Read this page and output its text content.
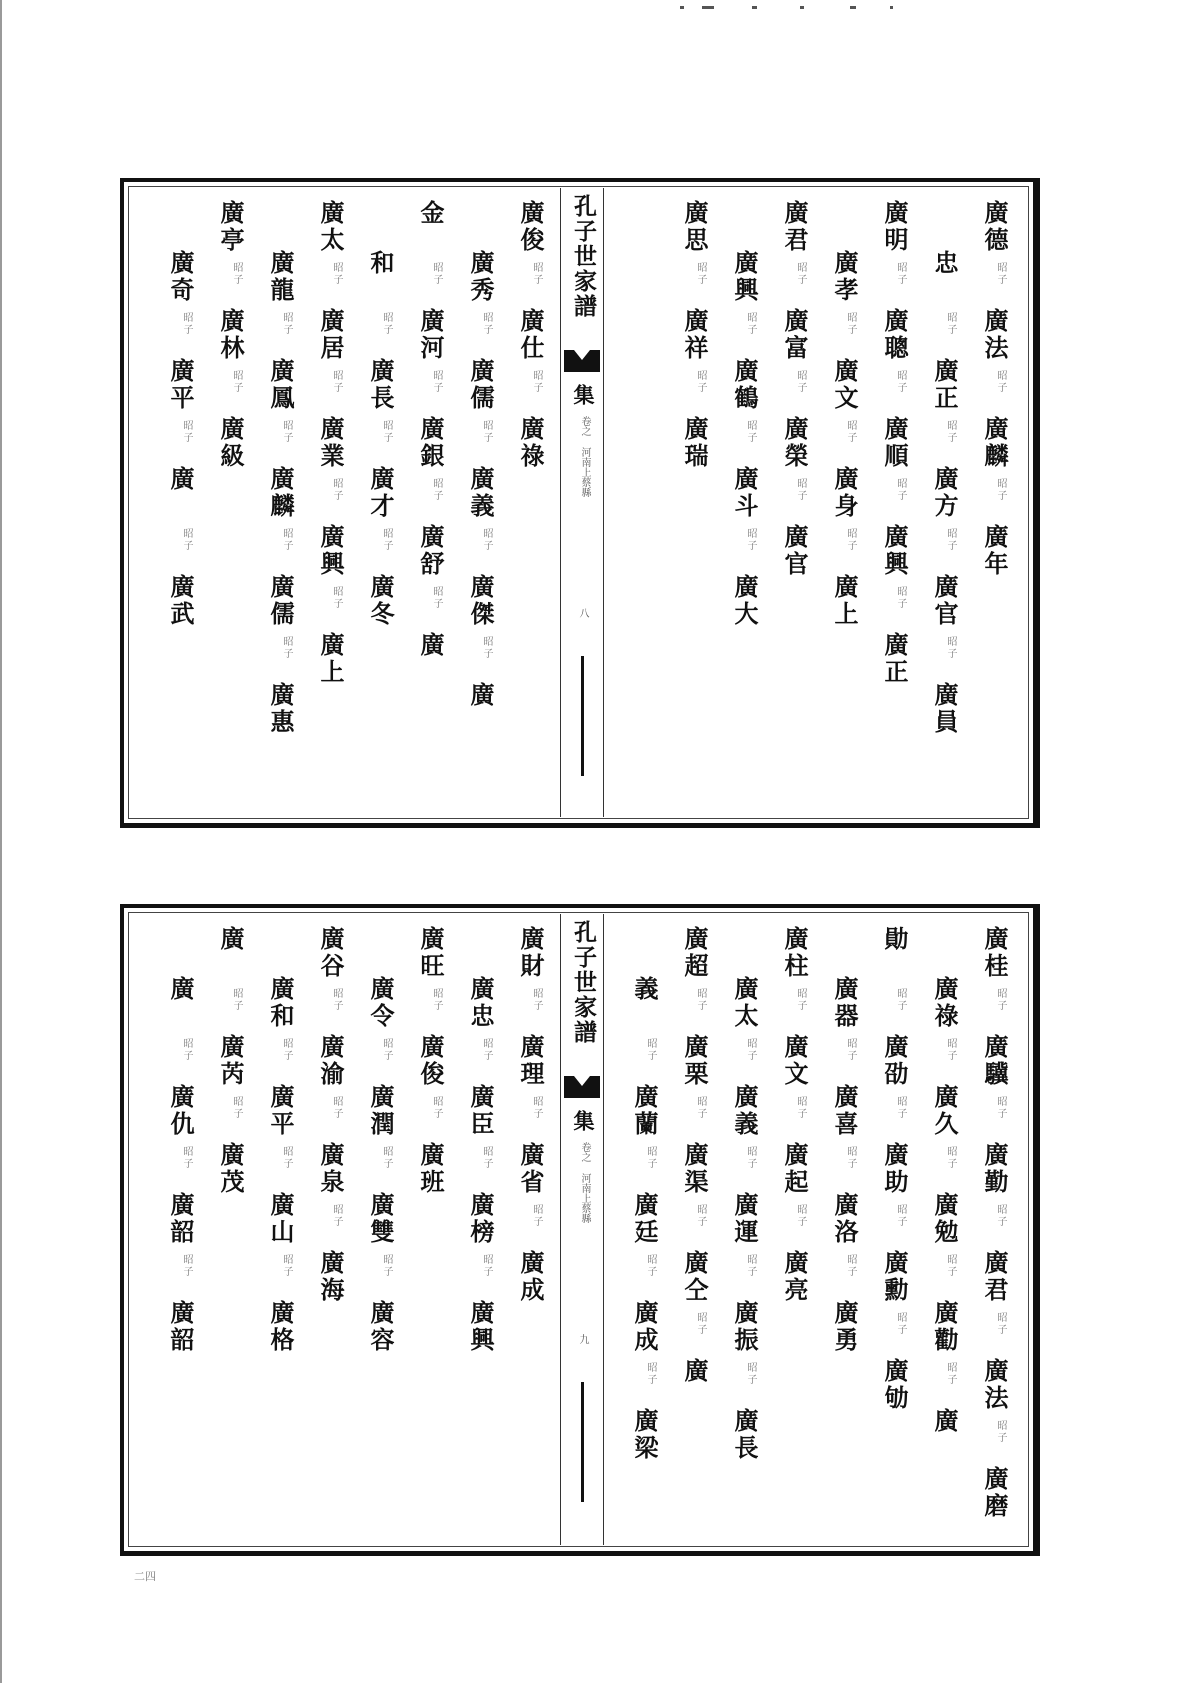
廣德
昭子
廣法
昭子
廣麟
昭子
廣年
忠
昭子
廣正
昭子
廣方
昭子
廣官
昭子
廣員
廣明
昭子
廣聰
昭子
廣順
昭子
廣興
昭子
廣正
廣孝
昭子
廣文
昭子
廣身
昭子
廣上
廣君
昭子
廣富
昭子
廣榮
昭子
廣官
廣興
昭子
廣鶴
昭子
廣斗
昭子
廣大
廣思
昭子
廣祥
昭子
廣瑞
孔子世家譜
集
卷之 河南上蔡縣
八
廣俊
昭子
廣仕
昭子
廣祿
廣秀
昭子
廣儒
昭子
廣義
昭子
廣傑
昭子
廣
金
昭子
廣河
昭子
廣銀
昭子
廣舒
昭子
廣
和
昭子
廣長
昭子
廣才
昭子
廣冬
廣太
昭子
廣居
昭子
廣業
昭子
廣興
昭子
廣上
廣龍
昭子
廣鳳
昭子
廣麟
昭子
廣儒
昭子
廣惠
廣亭
昭子
廣林
昭子
廣級
廣奇
昭子
廣平
昭子
廣
昭子
廣武
廣桂
昭子
廣驥
昭子
廣勤
昭子
廣君
昭子
廣法
昭子
廣磨
廣祿
昭子
廣久
昭子
廣勉
昭子
廣勸
昭子
廣
勛
昭子
廣劭
昭子
廣助
昭子
廣勳
昭子
廣劬
廣器
昭子
廣喜
昭子
廣洛
昭子
廣勇
廣柱
昭子
廣文
昭子
廣起
昭子
廣亮
廣太
昭子
廣義
昭子
廣運
昭子
廣振
昭子
廣長
廣超
昭子
廣栗
昭子
廣渠
昭子
廣仝
昭子
廣
義
昭子
廣蘭
昭子
廣廷
昭子
廣成
昭子
廣梁
孔子世家譜
集
卷之 河南上蔡縣
九
廣財
昭子
廣理
昭子
廣省
昭子
廣成
廣忠
昭子
廣臣
昭子
廣榜
昭子
廣興
廣旺
昭子
廣俊
昭子
廣班
廣令
昭子
廣潤
昭子
廣雙
昭子
廣容
廣谷
昭子
廣渝
昭子
廣泉
昭子
廣海
廣和
昭子
廣平
昭子
廣山
昭子
廣格
廣
昭子
廣芮
昭子
廣茂
廣
昭子
廣仇
昭子
廣韶
昭子
廣韶
二四
